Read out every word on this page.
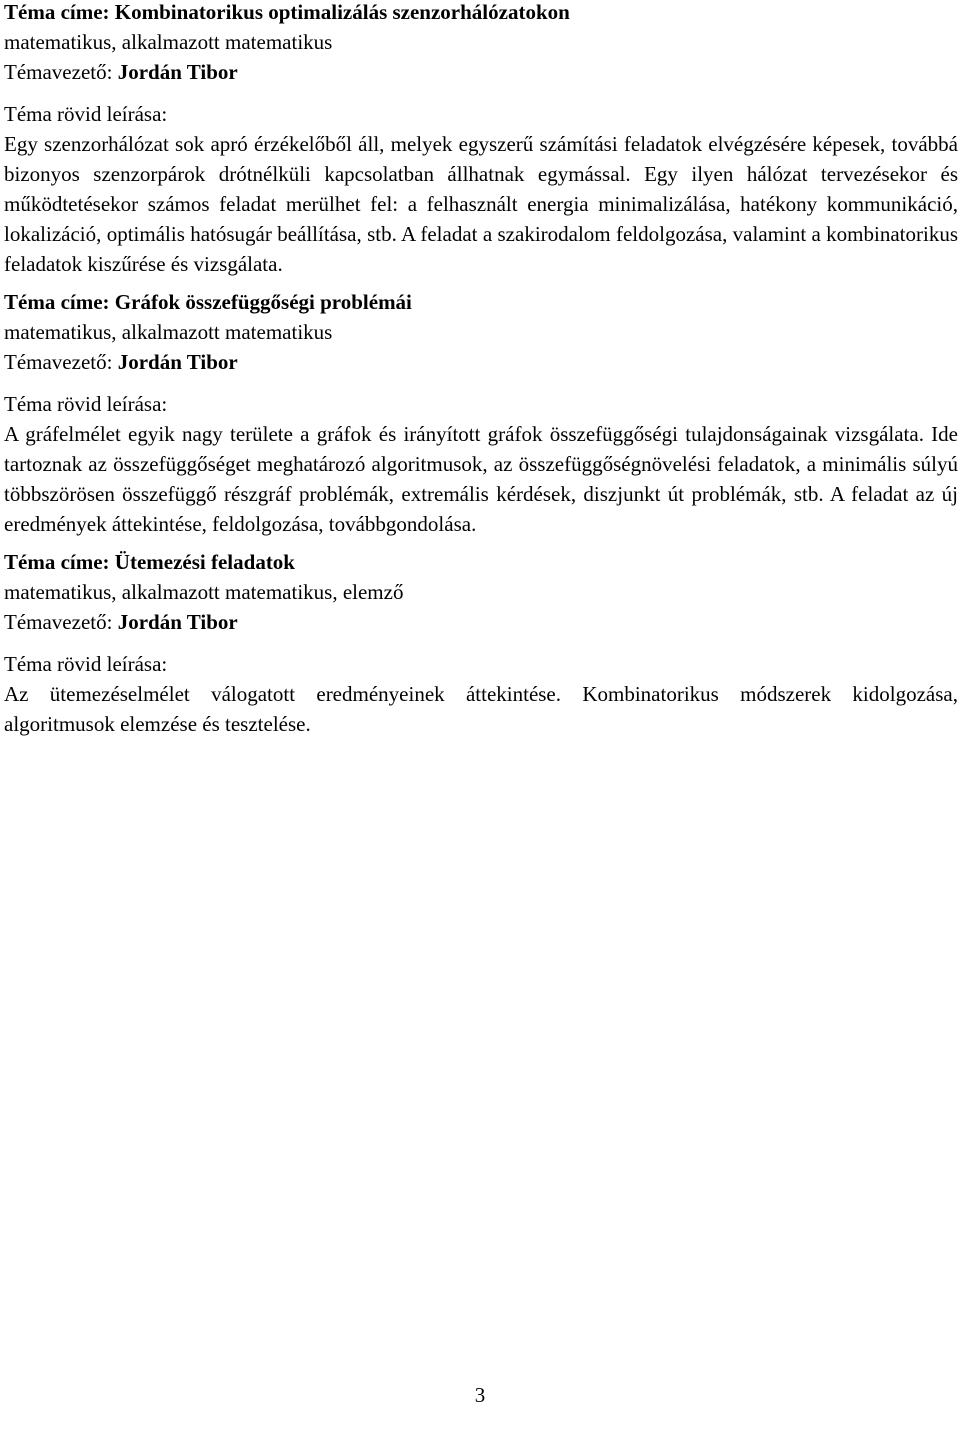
Téma címe: Kombinatorikus optimalizálás szenzorhálózatokon

matematikus, alkalmazott matematikus

Témavezető: Jordán Tibor

Téma rövid leírása:

Egy szenzorhálózat sok apró érzékelőből áll, melyek egyszerű számítási feladatok elvégzésére képesek, továbbá bizonyos szenzorpárok drótnélküli kapcsolatban állhatnak egymással. Egy ilyen hálózat tervezésekor és működtetésekor számos feladat merülhet fel: a felhasznált energia minimalizálása, hatékony kommunikáció, lokalizáció, optimális hatósugár beállítása, stb. A feladat a szakirodalom feldolgozása, valamint a kombinatorikus feladatok kiszűrése és vizsgálata.

Téma címe: Gráfok összefüggőségi problémái

matematikus, alkalmazott matematikus

Témavezető: Jordán Tibor

Téma rövid leírása:

A gráfelmélet egyik nagy területe a gráfok és irányított gráfok összefüggőségi tulajdonságainak vizsgálata. Ide tartoznak az összefüggőséget meghatározó algoritmusok, az összefüggőségnövelési feladatok, a minimális súlyú többszörösen összefüggő részgráf problémák, extremális kérdések, diszjunkt út problémák, stb. A feladat az új eredmények áttekintése, feldolgozása, továbbgondolása.

Téma címe: Ütemezési feladatok

matematikus, alkalmazott matematikus, elemző

Témavezető: Jordán Tibor

Téma rövid leírása:

Az ütemezéselmélet válogatott eredményeinek áttekintése. Kombinatorikus módszerek kidolgozása, algoritmusok elemzése és tesztelése.

3
